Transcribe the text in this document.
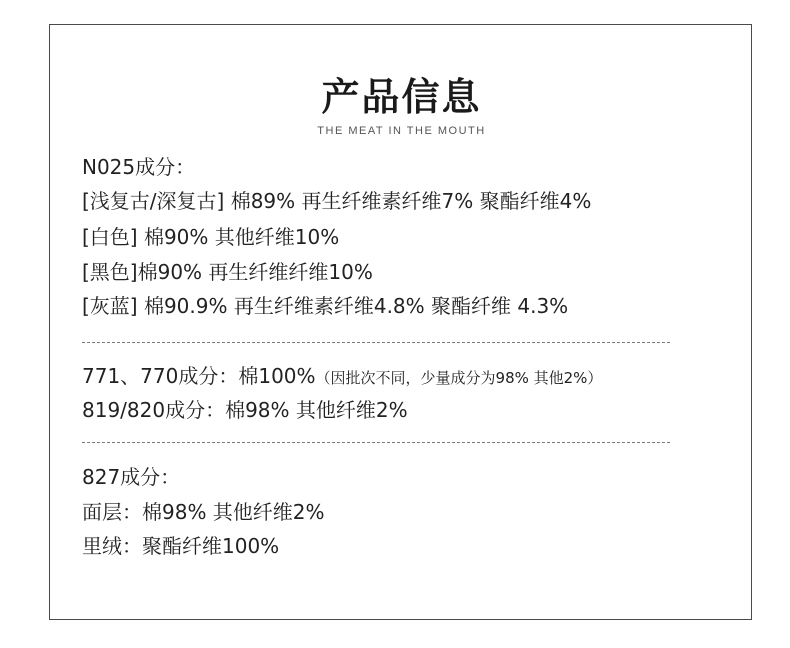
产品信息
THE MEAT IN THE MOUTH
N025成分：
[浅复古/深复古] 棉89% 再生纤维素纤维7% 聚酯纤维4%
[白色] 棉90% 其他纤维10%
[黑色]棉90% 再生纤维纤维10%
[灰蓝] 棉90.9% 再生纤维素纤维4.8% 聚酯纤维 4.3%
771、770成分：棉100%（因批次不同，少量成分为98% 其他2%）
819/820成分：棉98% 其他纤维2%
827成分：
面层：棉98% 其他纤维2%
里绒：聚酯纤维100%
